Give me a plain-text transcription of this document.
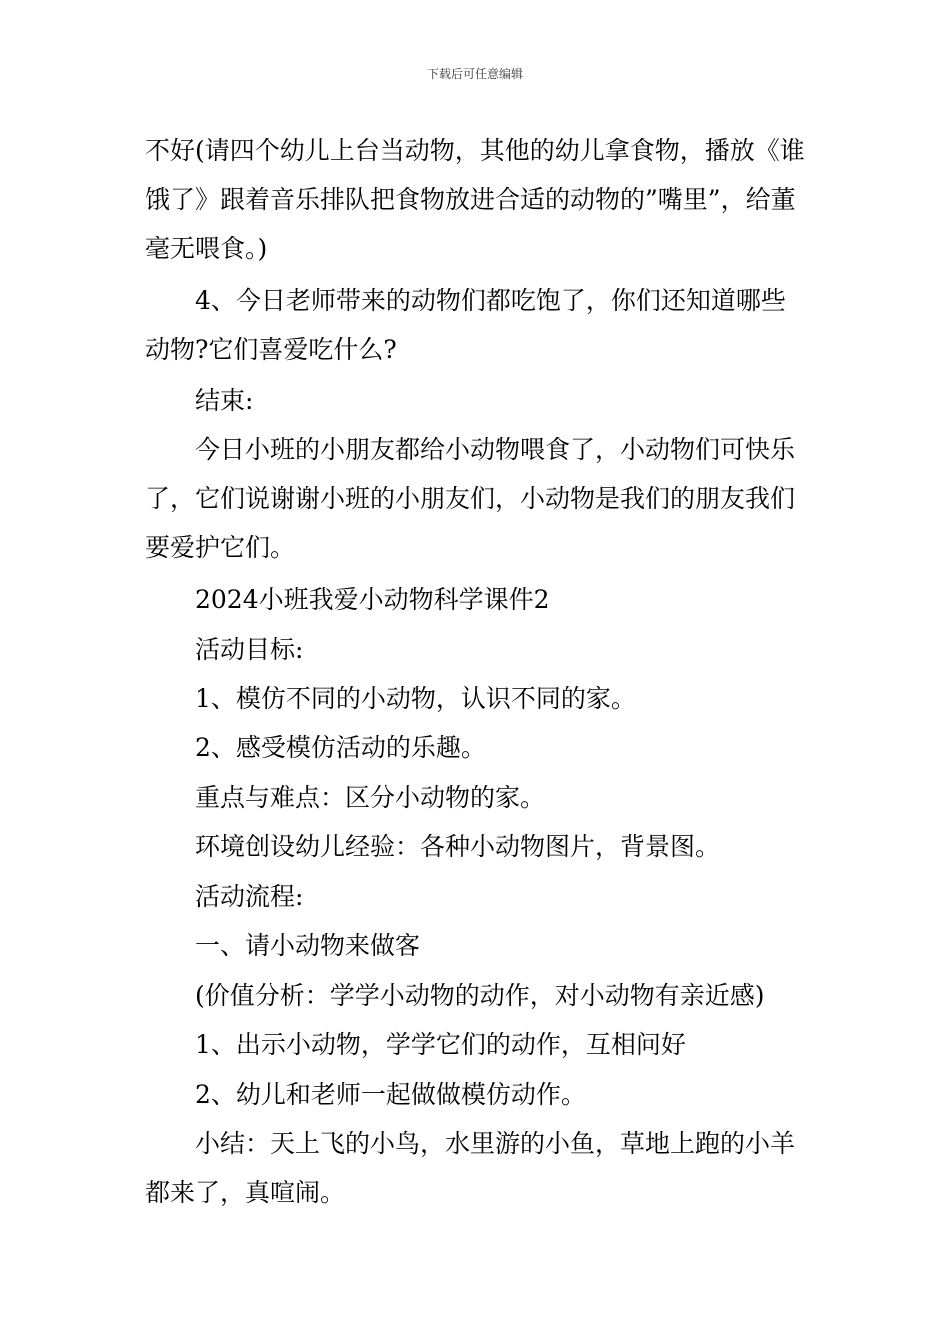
下载后可任意编辑

不好(请四个幼儿上台当动物，其他的幼儿拿食物，播放《谁饿了》跟着音乐排队把食物放进合适的动物的”嘴里”，给董毫无喂食。)

4、今日老师带来的动物们都吃饱了，你们还知道哪些动物?它们喜爱吃什么?

结束:

今日小班的小朋友都给小动物喂食了，小动物们可快乐了，它们说谢谢小班的小朋友们，小动物是我们的朋友我们要爱护它们。

2024小班我爱小动物科学课件2

活动目标:

1、模仿不同的小动物，认识不同的家。

2、感受模仿活动的乐趣。

重点与难点：区分小动物的家。

环境创设幼儿经验：各种小动物图片，背景图。

活动流程:

一、请小动物来做客

(价值分析：学学小动物的动作，对小动物有亲近感)

1、出示小动物，学学它们的动作，互相问好

2、幼儿和老师一起做做模仿动作。

小结：天上飞的小鸟，水里游的小鱼，草地上跑的小羊都来了，真喧闹。
